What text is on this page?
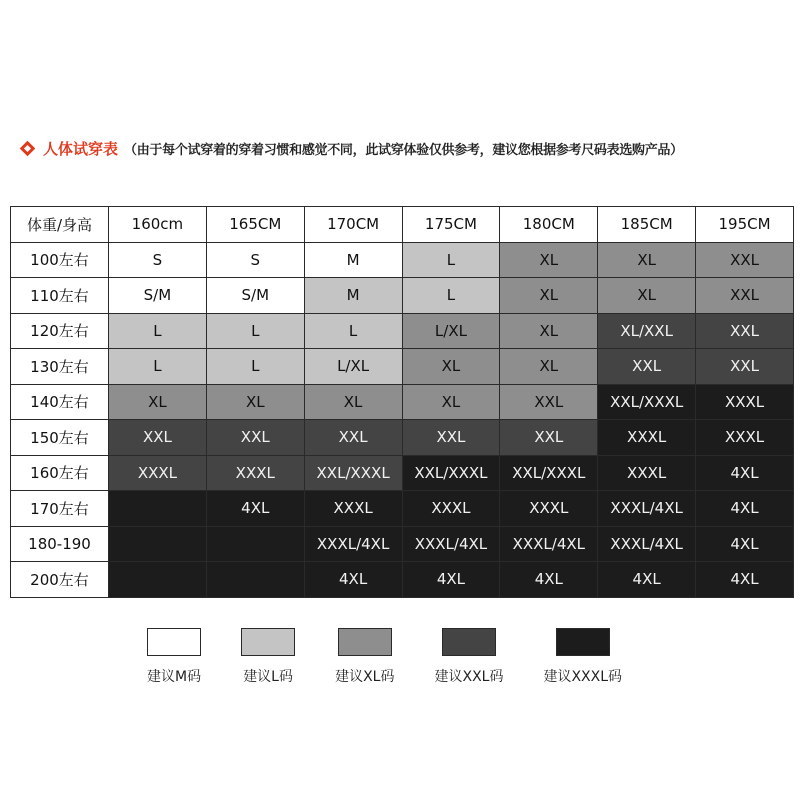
人体试穿表 （由于每个试穿着的穿着习惯和感觉不同，此试穿体验仅供参考，建议您根据参考尺码表选购产品）
体重/身高	160cm	165CM	170CM	175CM	180CM	185CM	195CM
100左右	S	S	M	L	XL	XL	XXL
110左右	S/M	S/M	M	L	XL	XL	XXL
120左右	L	L	L	L/XL	XL	XL/XXL	XXL
130左右	L	L	L/XL	XL	XL	XXL	XXL
140左右	XL	XL	XL	XL	XXL	XXL/XXXL	XXXL
150左右	XXL	XXL	XXL	XXL	XXL	XXXL	XXXL
160左右	XXXL	XXXL	XXL/XXXL	XXL/XXXL	XXL/XXXL	XXXL	4XL
170左右		4XL	XXXL	XXXL	XXXL	XXXL/4XL	4XL
180-190			XXXL/4XL	XXXL/4XL	XXXL/4XL	XXXL/4XL	4XL
200左右			4XL	4XL	4XL	4XL	4XL
建议M码	建议L码	建议XL码	建议XXL码	建议XXXL码
